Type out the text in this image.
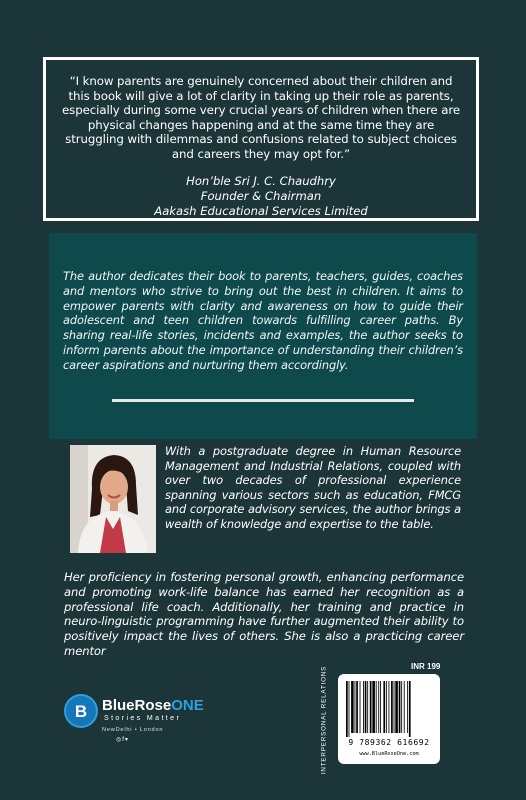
“I know parents are genuinely concerned about their children and this book will give a lot of clarity in taking up their role as parents, especially during some very crucial years of children when there are physical changes happening and at the same time they are struggling with dilemmas and confusions related to subject choices and careers they may opt for.”

Hon’ble Sri J. C. Chaudhry
Founder & Chairman
Aakash Educational Services Limited

The author dedicates their book to parents, teachers, guides, coaches and mentors who strive to bring out the best in children. It aims to empower parents with clarity and awareness on how to guide their adolescent and teen children towards fulfilling career paths. By sharing real-life stories, incidents and examples, the author seeks to inform parents about the importance of understanding their children’s career aspirations and nurturing them accordingly.

With a postgraduate degree in Human Resource Management and Industrial Relations, coupled with over two decades of professional experience spanning various sectors such as education, FMCG and corporate advisory services, the author brings a wealth of knowledge and expertise to the table.

Her proficiency in fostering personal growth, enhancing performance and promoting work-life balance has earned her recognition as a professional life coach. Additionally, her training and practice in neuro-linguistic programming have further augmented their ability to positively impact the lives of others. She is also a practicing career mentor

B BlueRoseONE
Stories Matter
NewDelhi • London
◎f▾	INTERPERSONAL RELATIONS	INR 199
9 789362 616692
www.BlueRoseOne.com
